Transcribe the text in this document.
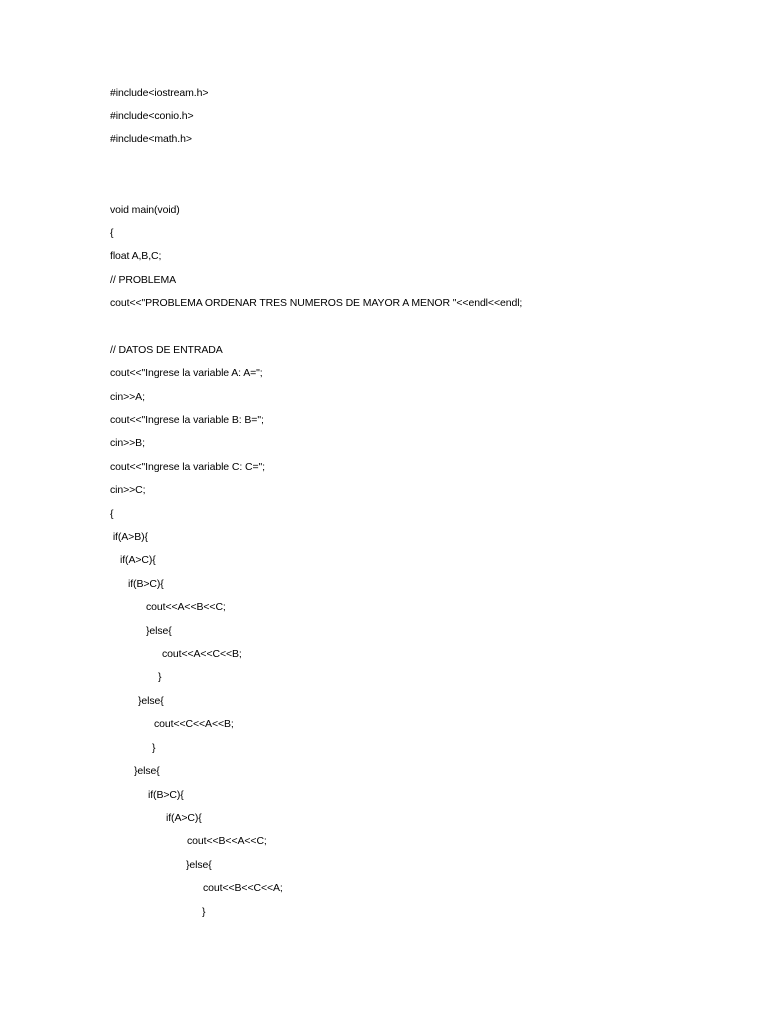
#include<iostream.h>
#include<conio.h>
#include<math.h>
void main(void)
{
float A,B,C;
// PROBLEMA
cout<<"PROBLEMA ORDENAR TRES NUMEROS DE MAYOR A MENOR "<<endl<<endl;
// DATOS DE ENTRADA
cout<<"Ingrese la variable A: A=";
cin>>A;
cout<<"Ingrese la variable B: B=";
cin>>B;
cout<<"Ingrese la variable C: C=";
cin>>C;
{
if(A>B){
if(A>C){
if(B>C){
cout<<A<<B<<C;
}else{
cout<<A<<C<<B;
}
}else{
cout<<C<<A<<B;
}
}else{
if(B>C){
if(A>C){
cout<<B<<A<<C;
}else{
cout<<B<<C<<A;
}
